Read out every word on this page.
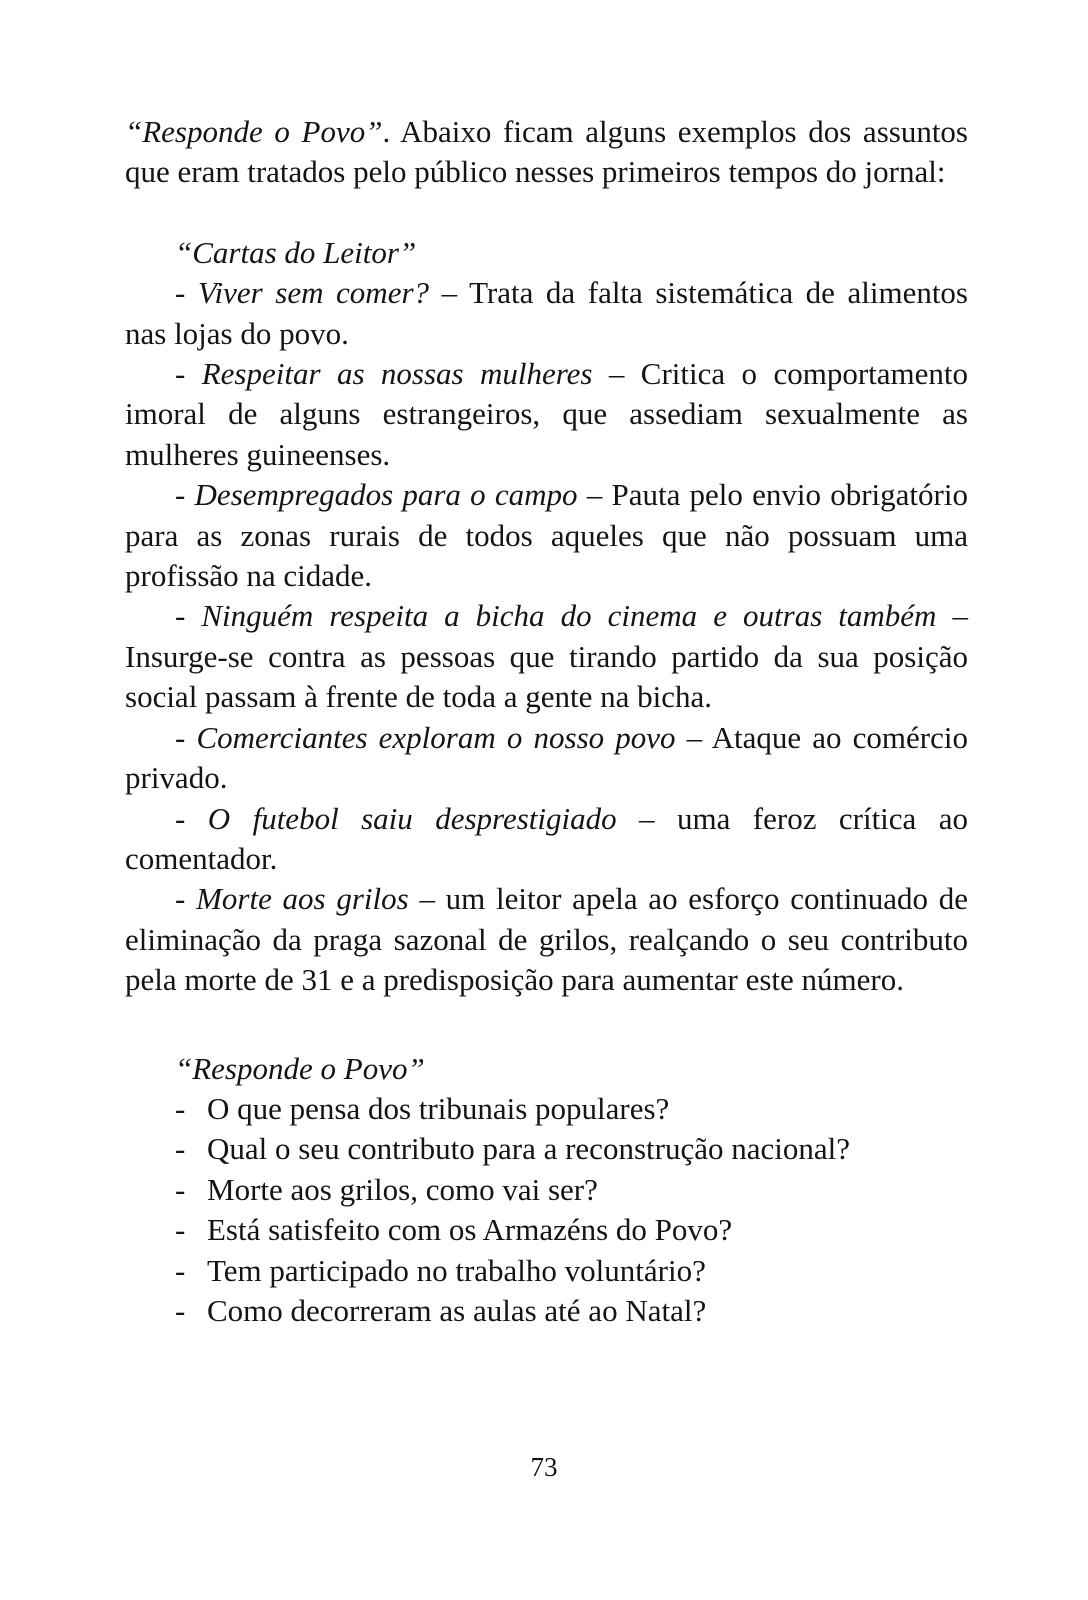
“Responde o Povo”. Abaixo ficam alguns exemplos dos assuntos que eram tratados pelo público nesses primeiros tempos do jornal:

“Cartas do Leitor”

- Viver sem comer? – Trata da falta sistemática de alimentos nas lojas do povo.

- Respeitar as nossas mulheres – Critica o comportamento imoral de alguns estrangeiros, que assediam sexualmente as mulheres guineenses.

- Desempregados para o campo – Pauta pelo envio obrigatório para as zonas rurais de todos aqueles que não possuam uma profissão na cidade.

- Ninguém respeita a bicha do cinema e outras também – Insurge-se contra as pessoas que tirando partido da sua posição social passam à frente de toda a gente na bicha.

- Comerciantes exploram o nosso povo – Ataque ao comércio privado.

- O futebol saiu desprestigiado – uma feroz crítica ao comentador.

- Morte aos grilos – um leitor apela ao esforço continuado de eliminação da praga sazonal de grilos, realçando o seu contributo pela morte de 31 e a predisposição para aumentar este número.

“Responde o Povo”

- O que pensa dos tribunais populares?
- Qual o seu contributo para a reconstrução nacional?
- Morte aos grilos, como vai ser?
- Está satisfeito com os Armazéns do Povo?
- Tem participado no trabalho voluntário?
- Como decorreram as aulas até ao Natal?
73
